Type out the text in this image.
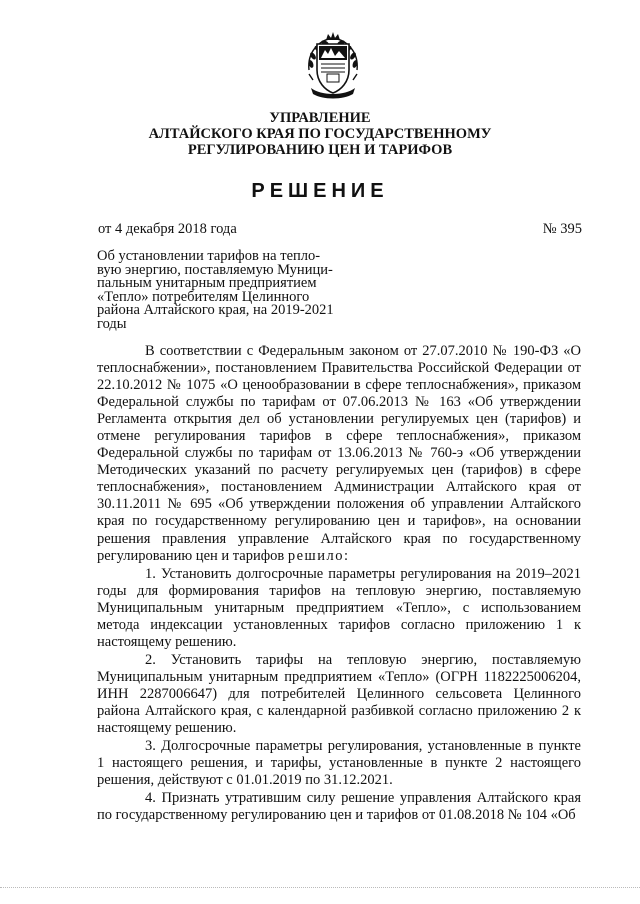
УПРАВЛЕНИЕ
АЛТАЙСКОГО КРАЯ ПО ГОСУДАРСТВЕННОМУ
РЕГУЛИРОВАНИЮ ЦЕН И ТАРИФОВ
РЕШЕНИЕ
от 4 декабря 2018 года	№ 395
Об установлении тарифов на тепло-
вую энергию, поставляемую Муници-
пальным унитарным предприятием
«Тепло» потребителям Целинного
района Алтайского края, на 2019-2021
годы

В соответствии с Федеральным законом от 27.07.2010 № 190-ФЗ «О теплоснабжении», постановлением Правительства Российской Федерации от 22.10.2012 № 1075 «О ценообразовании в сфере теплоснабжения», приказом Федеральной службы по тарифам от 07.06.2013 № 163 «Об утверждении Регламента открытия дел об установлении регулируемых цен (тарифов) и отмене регулирования тарифов в сфере теплоснабжения», приказом Федеральной службы по тарифам от 13.06.2013 № 760-э «Об утверждении Методических указаний по расчету регулируемых цен (тарифов) в сфере теплоснабжения», постановлением Администрации Алтайского края от 30.11.2011 № 695 «Об утверждении положения об управлении Алтайского края по государственному регулированию цен и тарифов», на основании решения правления управление Алтайского края по государственному регулированию цен и тарифов решило:

1. Установить долгосрочные параметры регулирования на 2019–2021 годы для формирования тарифов на тепловую энергию, поставляемую Муниципальным унитарным предприятием «Тепло», с использованием метода индексации установленных тарифов согласно приложению 1 к настоящему решению.

2. Установить тарифы на тепловую энергию, поставляемую Муниципальным унитарным предприятием «Тепло» (ОГРН 1182225006204, ИНН 2287006647) для потребителей Целинного сельсовета Целинного района Алтайского края, с календарной разбивкой согласно приложению 2 к настоящему решению.

3. Долгосрочные параметры регулирования, установленные в пункте 1 настоящего решения, и тарифы, установленные в пункте 2 настоящего решения, действуют с 01.01.2019 по 31.12.2021.

4. Признать утратившим силу решение управления Алтайского края по государственному регулированию цен и тарифов от 01.08.2018 № 104 «Об
